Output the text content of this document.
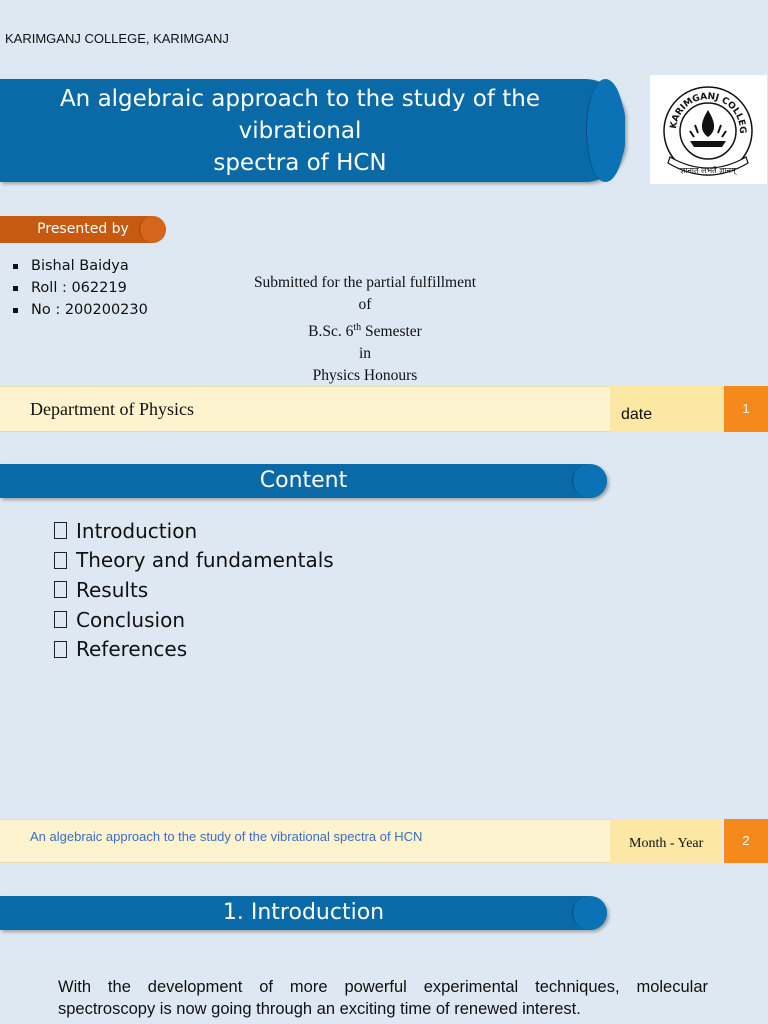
KARIMGANJ COLLEGE, KARIMGANJ
An algebraic approach to the study of the
vibrational
spectra of HCN
KARIMGANJ COLLEG
ज्ञानात् लभते ज्ञानम्
Presented by
Bishal Baidya
Roll : 062219
No : 200200230
Submitted for the partial fulfillment
of
B.Sc. 6th Semester
in
Physics Honours
Department of Physics	date	1
Content
Introduction
Theory and fundamentals
Results
Conclusion
References
An algebraic approach to the study of the vibrational spectra of HCN	Month - Year	2
1. Introduction
With the development of more powerful experimental techniques, molecular spectroscopy is now going through an exciting time of renewed interest.
